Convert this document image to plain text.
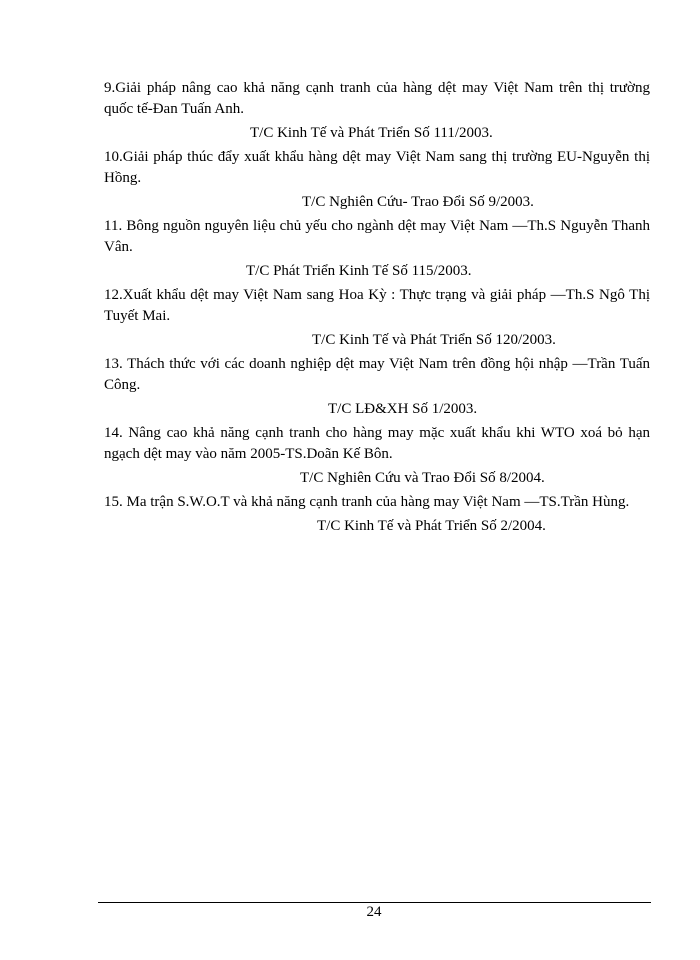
9.Giải pháp nâng cao khả năng cạnh tranh của hàng dệt may Việt Nam trên thị trường quốc tế-Đan Tuấn Anh.
T/C Kinh Tế và Phát Triển Số 111/2003.
10.Giải pháp thúc đẩy xuất khẩu hàng dệt may Việt Nam sang thị trường EU-Nguyễn thị Hồng.
T/C Nghiên Cứu- Trao Đổi Số 9/2003.
11. Bông nguồn nguyên liệu chủ yếu cho ngành dệt may Việt Nam —Th.S Nguyễn Thanh Vân.
T/C Phát Triển Kinh Tế Số 115/2003.
12.Xuất khẩu dệt may Việt Nam sang Hoa Kỳ : Thực trạng và giải pháp —Th.S Ngô Thị Tuyết Mai.
T/C Kinh Tế và Phát Triển Số 120/2003.
13. Thách thức với các doanh nghiệp dệt may Việt Nam trên đồng hội nhập —Trần Tuấn Công.
T/C LĐ&XH Số 1/2003.
14. Nâng cao khả năng cạnh tranh cho hàng may mặc xuất khẩu khi WTO xoá bỏ hạn ngạch dệt may vào năm 2005-TS.Doãn Kế Bôn.
T/C Nghiên Cứu và Trao Đổi Số 8/2004.
15. Ma trận S.W.O.T và khả năng cạnh tranh của hàng may Việt Nam —TS.Trần Hùng.
T/C Kinh Tế và Phát Triển Số 2/2004.
24
